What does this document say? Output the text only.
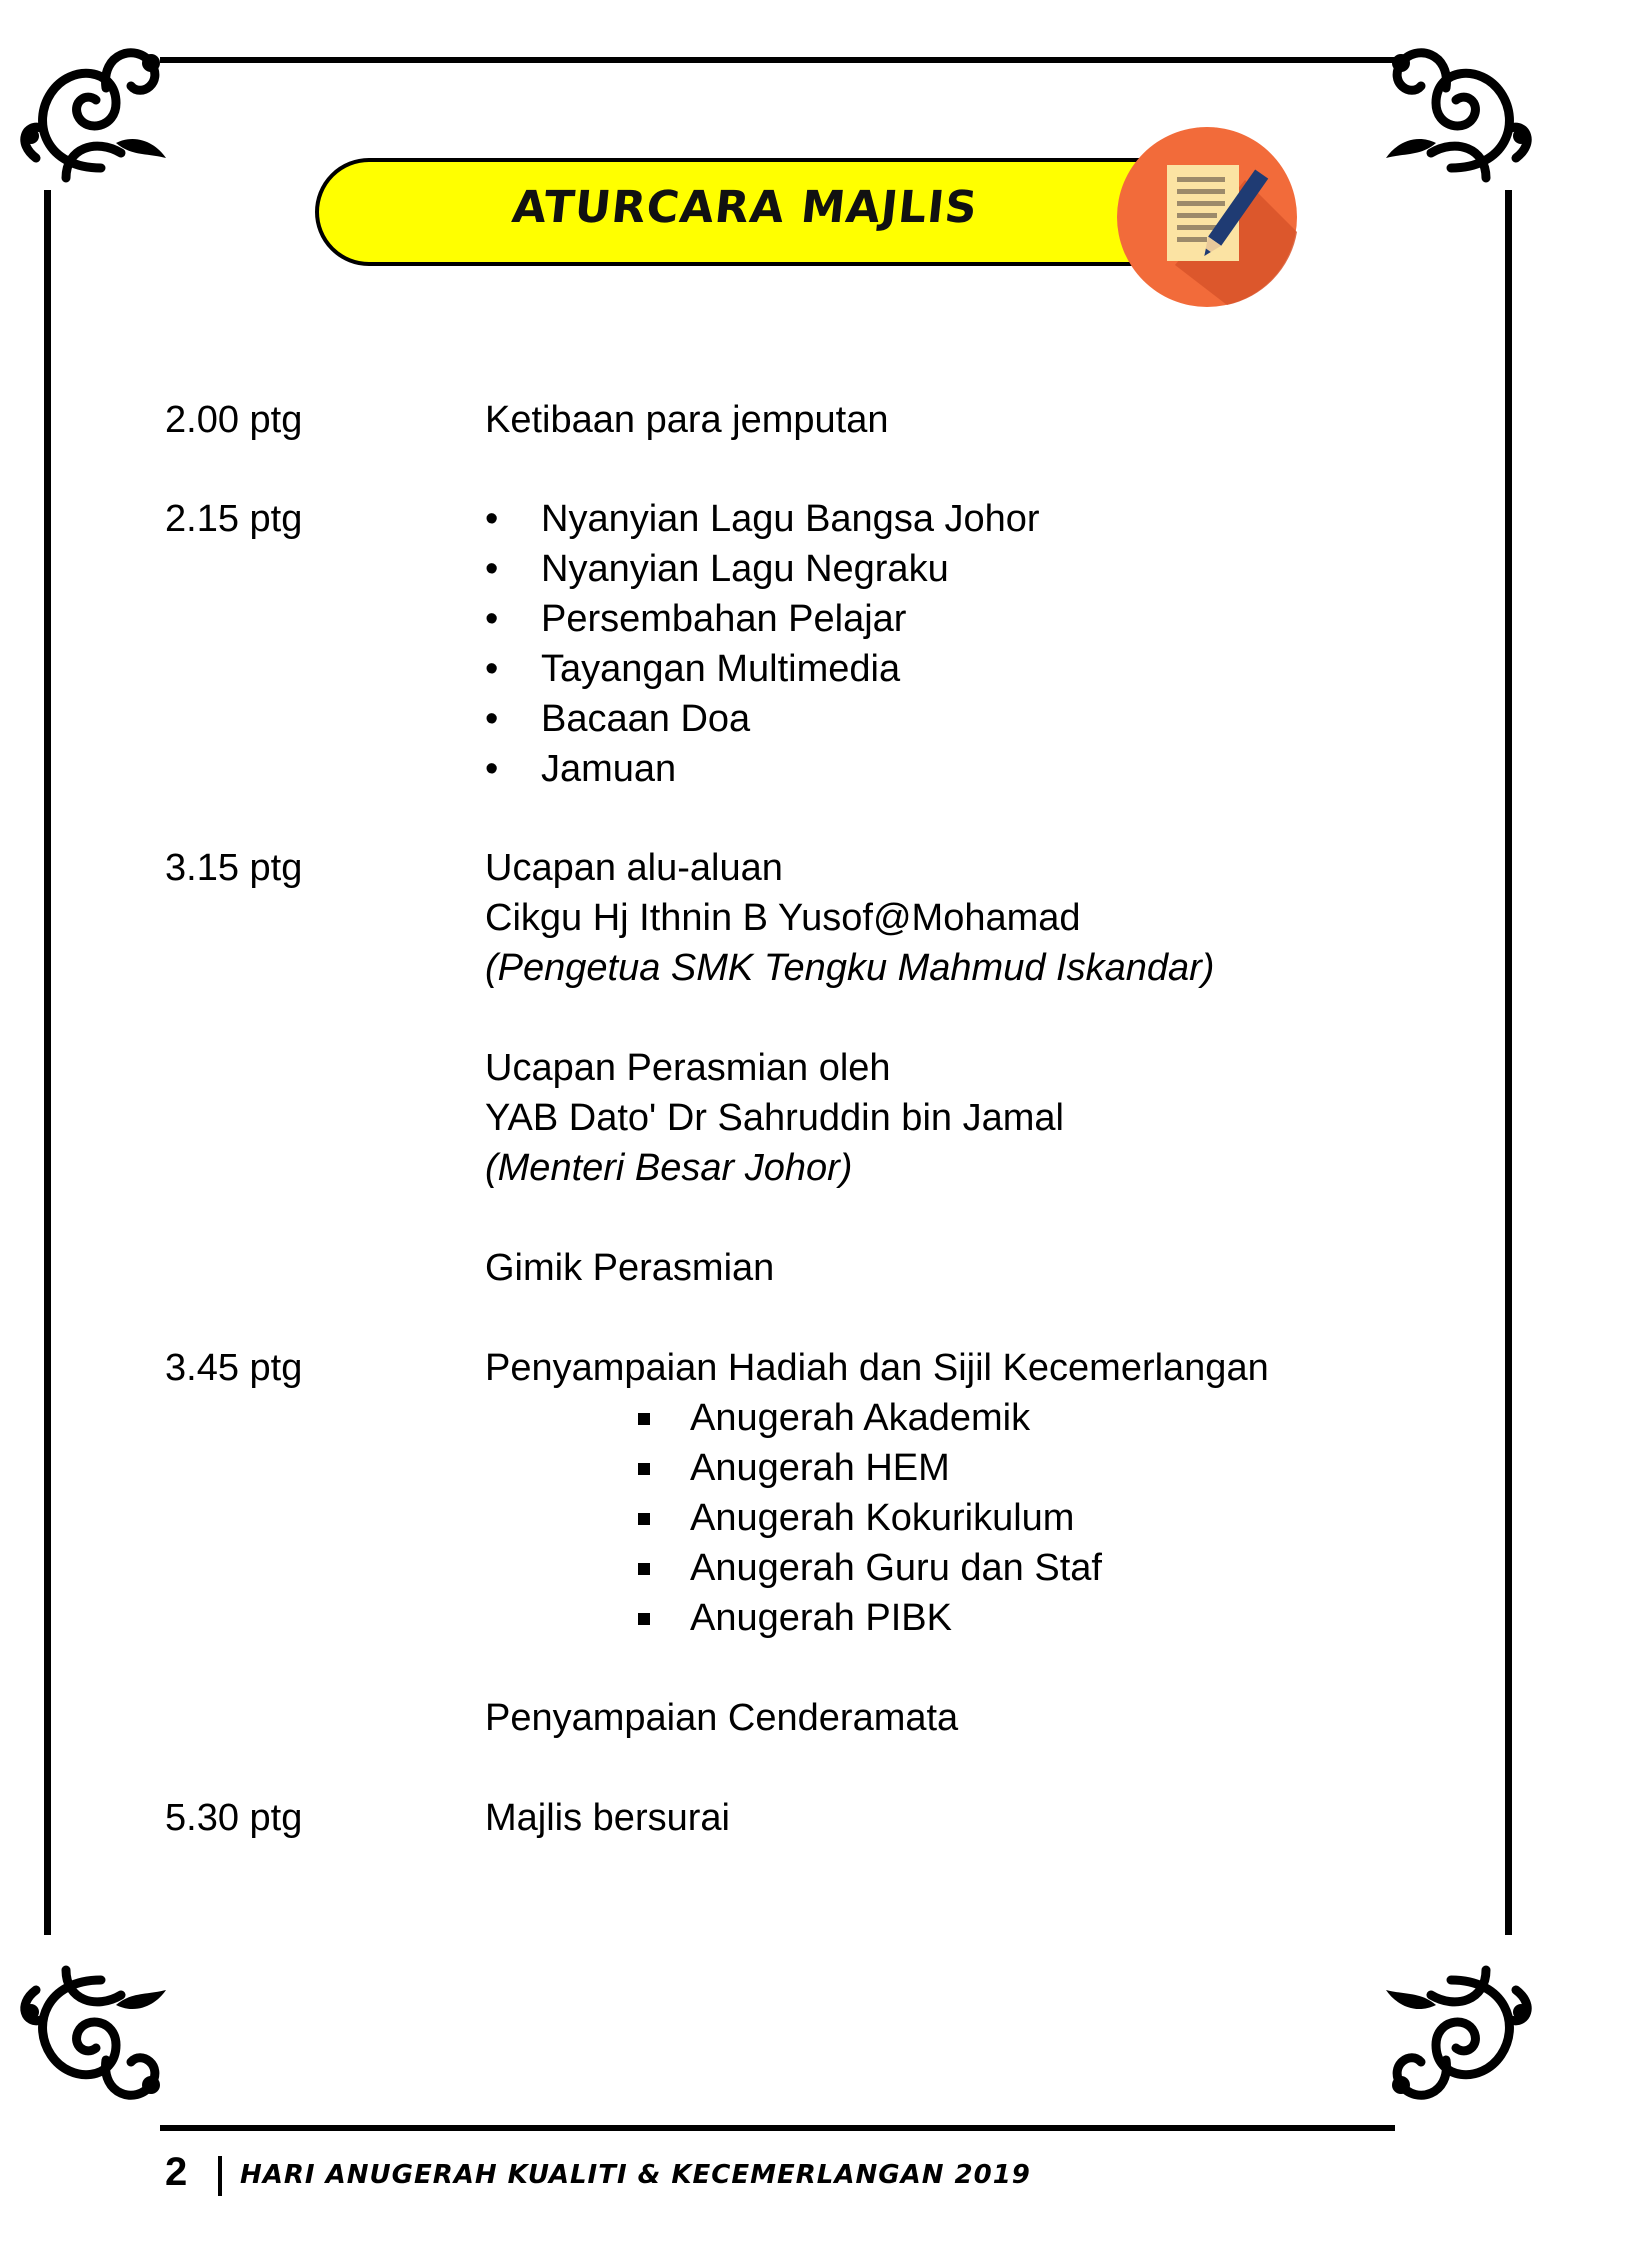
ATURCARA MAJLIS
2.00 ptg	Ketibaan para jemputan
2.15 ptg	• Nyanyian Lagu Bangsa Johor
• Nyanyian Lagu Negraku
• Persembahan Pelajar
• Tayangan Multimedia
• Bacaan Doa
• Jamuan
3.15 ptg	Ucapan alu-aluan
Cikgu Hj Ithnin B Yusof@Mohamad
(Pengetua SMK Tengku Mahmud Iskandar)
Ucapan Perasmian oleh
YAB Dato' Dr Sahruddin bin Jamal
(Menteri Besar Johor)
Gimik Perasmian
3.45 ptg	Penyampaian Hadiah dan Sijil Kecemerlangan
Anugerah Akademik
Anugerah HEM
Anugerah Kokurikulum
Anugerah Guru dan Staf
Anugerah PIBK
Penyampaian Cenderamata
5.30 ptg	Majlis bersurai
2 HARI ANUGERAH KUALITI & KECEMERLANGAN 2019
